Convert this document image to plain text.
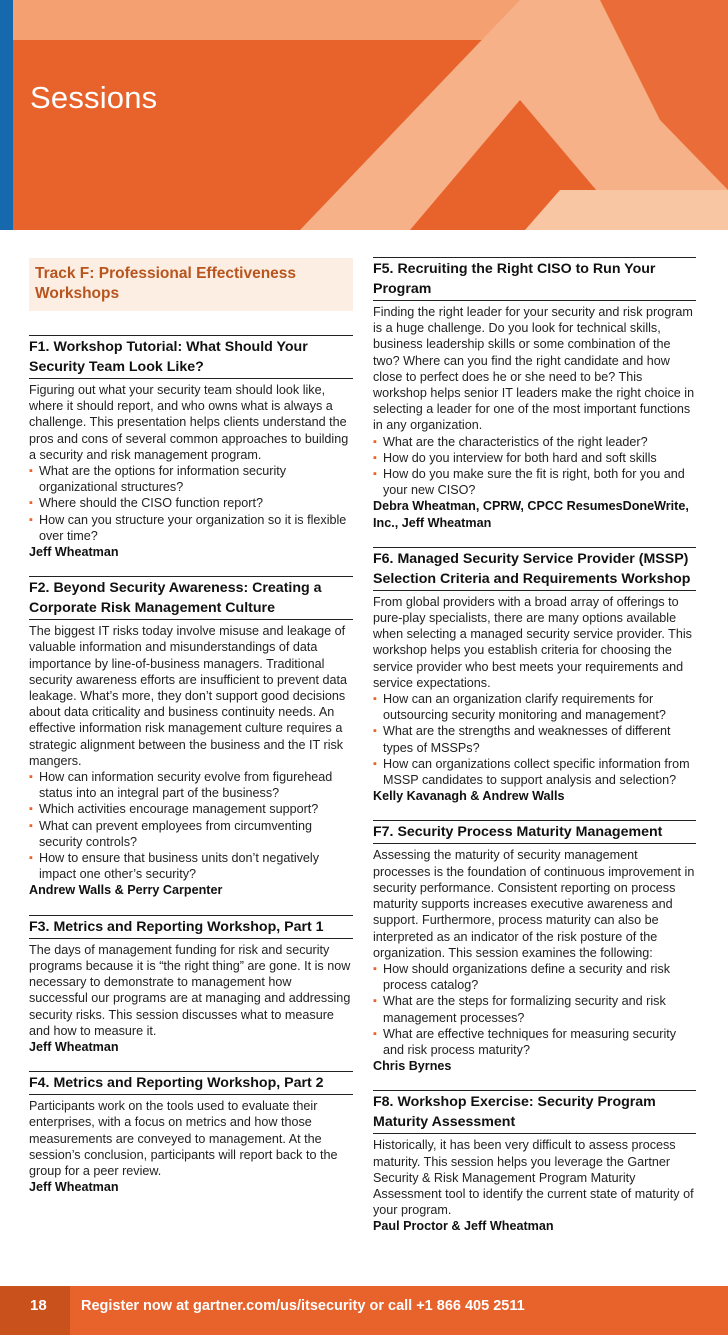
Sessions
Track F: Professional Effectiveness Workshops
F1. Workshop Tutorial: What Should Your Security Team Look Like?
Figuring out what your security team should look like, where it should report, and who owns what is always a challenge. This presentation helps clients understand the pros and cons of several common approaches to building a security and risk management program.
▪ What are the options for information security organizational structures?
▪ Where should the CISO function report?
▪ How can you structure your organization so it is flexible over time?
Jeff Wheatman
F2. Beyond Security Awareness: Creating a Corporate Risk Management Culture
The biggest IT risks today involve misuse and leakage of valuable information and misunderstandings of data importance by line-of-business managers. Traditional security awareness efforts are insufficient to prevent data leakage. What’s more, they don’t support good decisions about data criticality and business continuity needs. An effective information risk management culture requires a strategic alignment between the business and the IT risk mangers.
▪ How can information security evolve from figurehead status into an integral part of the business?
▪ Which activities encourage management support?
▪ What can prevent employees from circumventing security controls?
▪ How to ensure that business units don’t negatively impact one other’s security?
Andrew Walls & Perry Carpenter
F3. Metrics and Reporting Workshop, Part 1
The days of management funding for risk and security programs because it is “the right thing” are gone. It is now necessary to demonstrate to management how successful our programs are at managing and addressing security risks. This session discusses what to measure and how to measure it.
Jeff Wheatman
F4. Metrics and Reporting Workshop, Part 2
Participants work on the tools used to evaluate their enterprises, with a focus on metrics and how those measurements are conveyed to management. At the session’s conclusion, participants will report back to the group for a peer review.
Jeff Wheatman
F5. Recruiting the Right CISO to Run Your Program
Finding the right leader for your security and risk program is a huge challenge. Do you look for technical skills, business leadership skills or some combination of the two? Where can you find the right candidate and how close to perfect does he or she need to be? This workshop helps senior IT leaders make the right choice in selecting a leader for one of the most important functions in any organization.
▪ What are the characteristics of the right leader?
▪ How do you interview for both hard and soft skills
▪ How do you make sure the fit is right, both for you and your new CISO?
Debra Wheatman, CPRW, CPCC ResumesDoneWrite, Inc., Jeff Wheatman
F6. Managed Security Service Provider (MSSP) Selection Criteria and Requirements Workshop
From global providers with a broad array of offerings to pure-play specialists, there are many options available when selecting a managed security service provider. This workshop helps you establish criteria for choosing the service provider who best meets your requirements and service expectations.
▪ How can an organization clarify requirements for outsourcing security monitoring and management?
▪ What are the strengths and weaknesses of different types of MSSPs?
▪ How can organizations collect specific information from MSSP candidates to support analysis and selection?
Kelly Kavanagh & Andrew Walls
F7. Security Process Maturity Management
Assessing the maturity of security management processes is the foundation of continuous improvement in security performance. Consistent reporting on process maturity supports increases executive awareness and support. Furthermore, process maturity can also be interpreted as an indicator of the risk posture of the organization. This session examines the following:
▪ How should organizations define a security and risk process catalog?
▪ What are the steps for formalizing security and risk management processes?
▪ What are effective techniques for measuring security and risk process maturity?
Chris Byrnes
F8. Workshop Exercise: Security Program Maturity Assessment
Historically, it has been very difficult to assess process maturity. This session helps you leverage the Gartner Security & Risk Management Program Maturity Assessment tool to identify the current state of maturity of your program.
Paul Proctor & Jeff Wheatman
18	Register now at gartner.com/us/itsecurity or call +1 866 405 2511
